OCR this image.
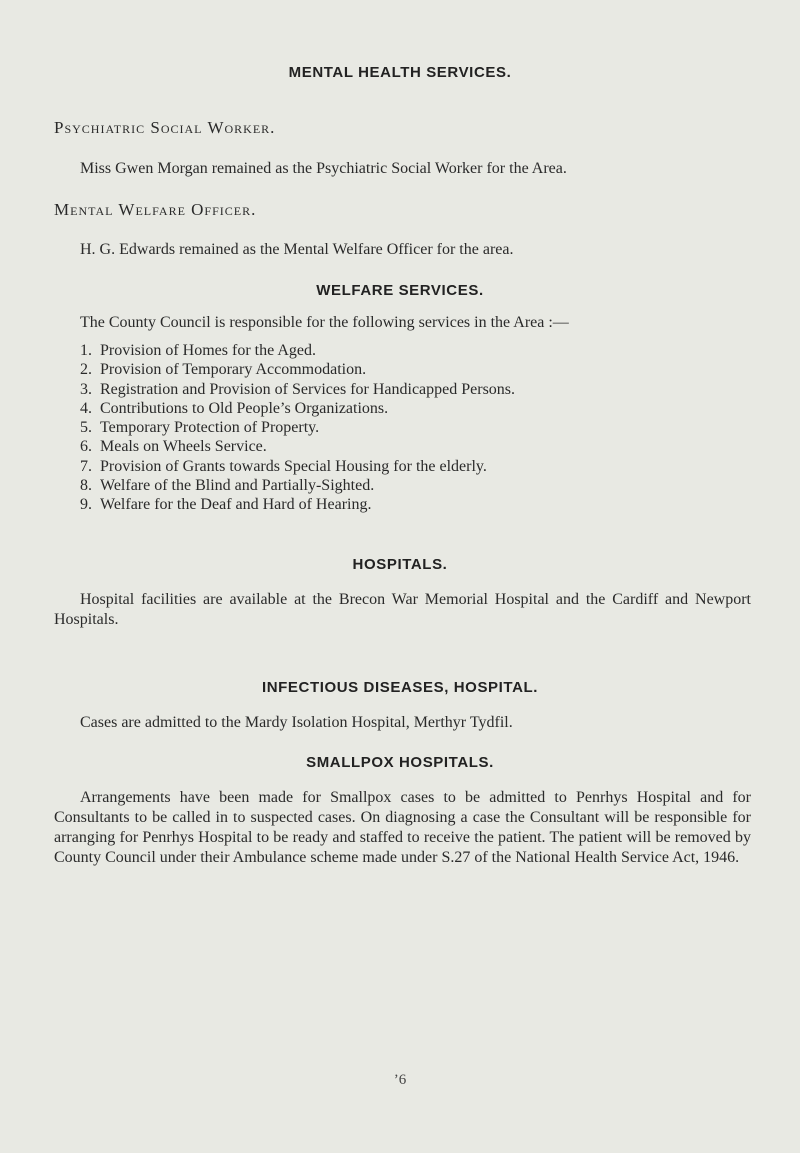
MENTAL HEALTH SERVICES.
Psychiatric Social Worker.
Miss Gwen Morgan remained as the Psychiatric Social Worker for the Area.
Mental Welfare Officer.
H. G. Edwards remained as the Mental Welfare Officer for the area.
WELFARE SERVICES.
The County Council is responsible for the following services in the Area :—
1. Provision of Homes for the Aged.
2. Provision of Temporary Accommodation.
3. Registration and Provision of Services for Handicapped Persons.
4. Contributions to Old People’s Organizations.
5. Temporary Protection of Property.
6. Meals on Wheels Service.
7. Provision of Grants towards Special Housing for the elderly.
8. Welfare of the Blind and Partially-Sighted.
9. Welfare for the Deaf and Hard of Hearing.
HOSPITALS.
Hospital facilities are available at the Brecon War Memorial Hospital and the Cardiff and Newport Hospitals.
INFECTIOUS DISEASES, HOSPITAL.
Cases are admitted to the Mardy Isolation Hospital, Merthyr Tydfil.
SMALLPOX HOSPITALS.
Arrangements have been made for Smallpox cases to be admitted to Penrhys Hospital and for Consultants to be called in to suspected cases. On diagnosing a case the Consultant will be responsible for arranging for Penrhys Hospital to be ready and staffed to receive the patient. The patient will be removed by County Council under their Ambulance scheme made under S.27 of the National Health Service Act, 1946.
’6
